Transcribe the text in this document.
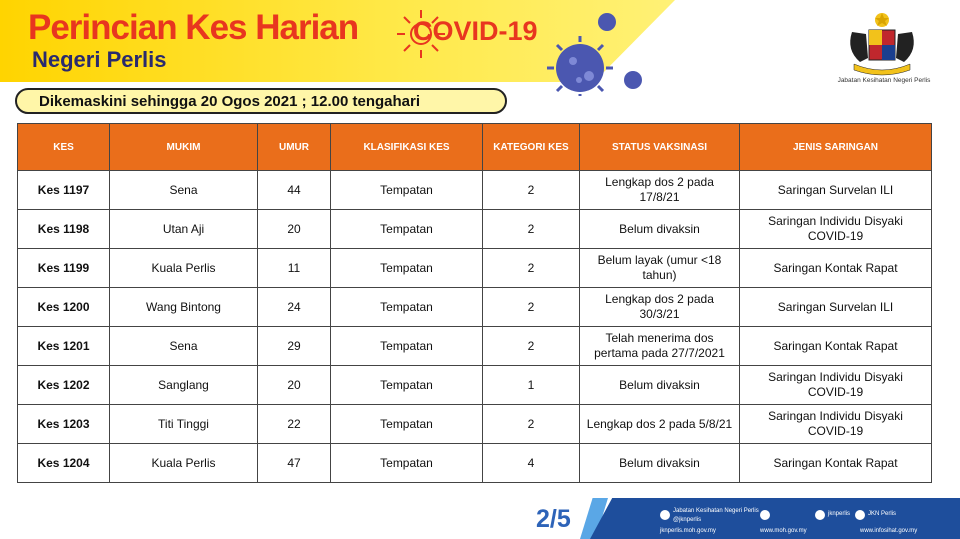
Perincian Kes Harian COVID-19
Negeri Perlis
Jabatan Kesihatan Negeri Perlis
Dikemaskini sehingga 20 Ogos 2021 ; 12.00 tengahari
KES	MUKIM	UMUR	KLASIFIKASI KES	KATEGORI KES	STATUS VAKSINASI	JENIS SARINGAN
Kes 1197	Sena	44	Tempatan	2	Lengkap dos 2 pada 17/8/21	Saringan Survelan ILI
Kes 1198	Utan Aji	20	Tempatan	2	Belum divaksin	Saringan Individu Disyaki COVID-19
Kes 1199	Kuala Perlis	11	Tempatan	2	Belum layak (umur <18 tahun)	Saringan Kontak Rapat
Kes 1200	Wang Bintong	24	Tempatan	2	Lengkap dos 2 pada 30/3/21	Saringan Survelan ILI
Kes 1201	Sena	29	Tempatan	2	Telah menerima dos pertama pada 27/7/2021	Saringan Kontak Rapat
Kes 1202	Sanglang	20	Tempatan	1	Belum divaksin	Saringan Individu Disyaki COVID-19
Kes 1203	Titi Tinggi	22	Tempatan	2	Lengkap dos 2 pada 5/8/21	Saringan Individu Disyaki COVID-19
Kes 1204	Kuala Perlis	47	Tempatan	4	Belum divaksin	Saringan Kontak Rapat
2/5	Jabatan Kesihatan Negeri Perlis
@jknperlis
jknperlis	JKN Perlis
jknperlis.moh.gov.my	www.moh.gov.my	www.infosihat.gov.my
